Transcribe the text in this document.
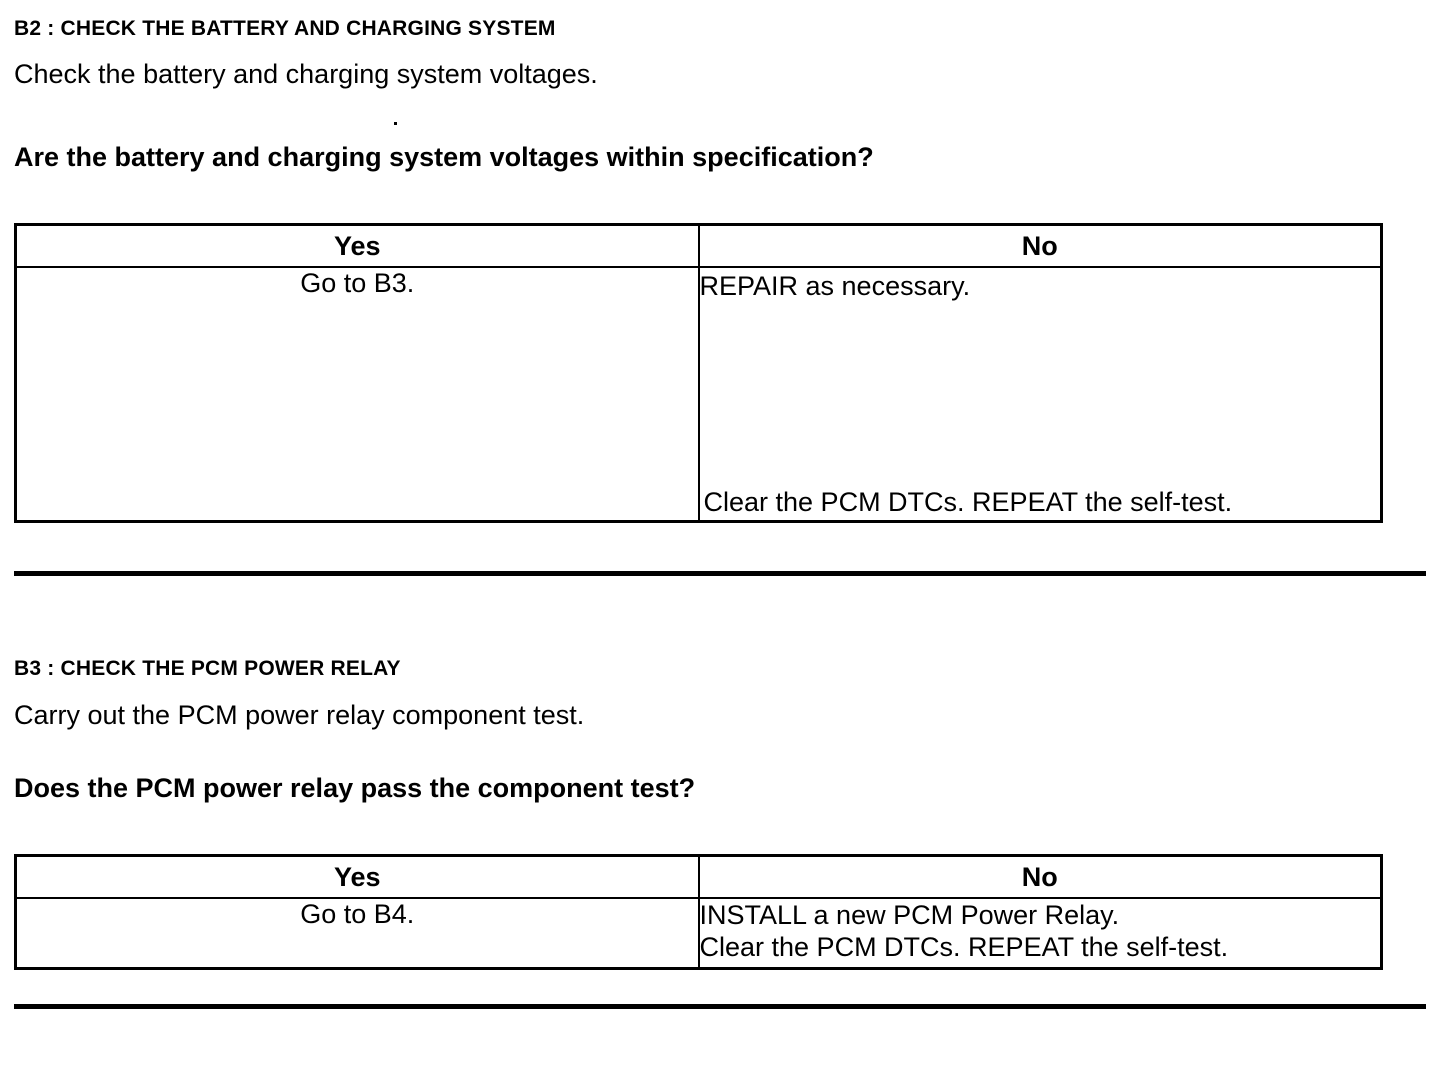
B2 : CHECK THE BATTERY AND CHARGING SYSTEM
Check the battery and charging system voltages.
Are the battery and charging system voltages within specification?
Yes	No
Go to B3.	REPAIR as necessary.
Clear the PCM DTCs. REPEAT the self-test.
B3 : CHECK THE PCM POWER RELAY
Carry out the PCM power relay component test.
Does the PCM power relay pass the component test?
Yes	No
Go to B4.	INSTALL a new PCM Power Relay.
Clear the PCM DTCs. REPEAT the self-test.
